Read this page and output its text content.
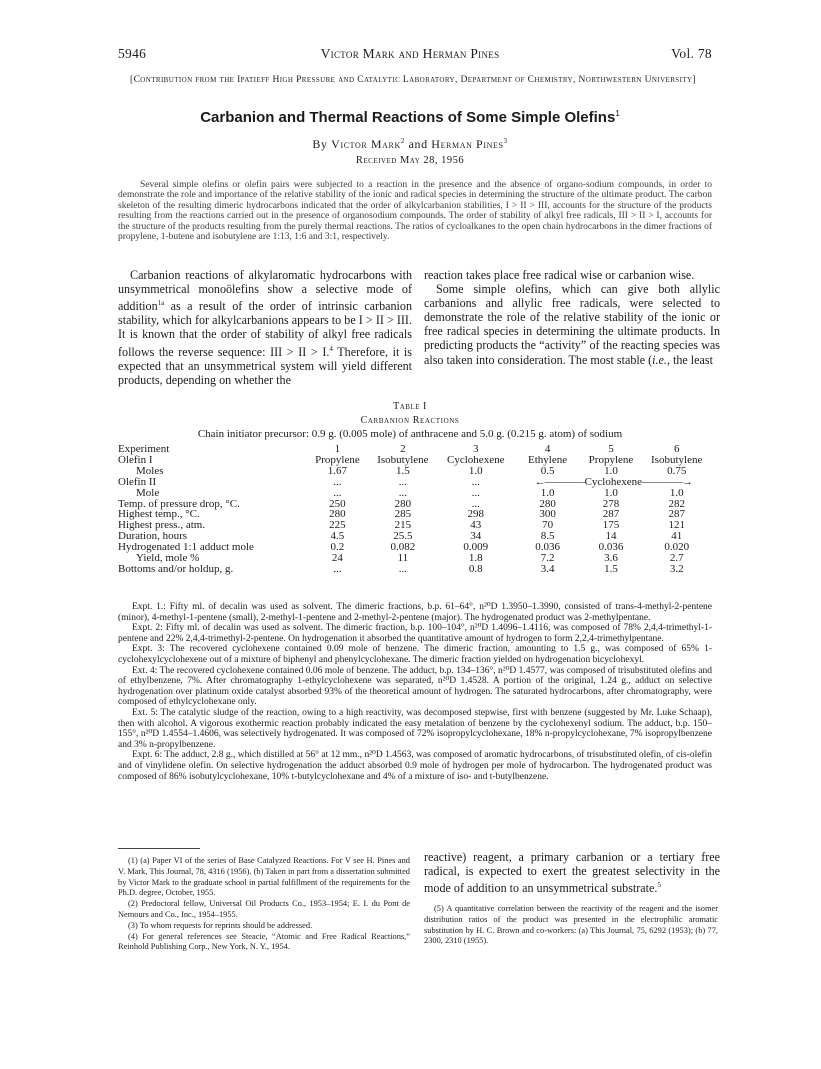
5946	Victor Mark and Herman Pines	Vol. 78
[Contribution from the Ipatieff High Pressure and Catalytic Laboratory, Department of Chemistry, Northwestern University]
Carbanion and Thermal Reactions of Some Simple Olefins$^1$
By Victor Mark$^2$ and Herman Pines$^3$
Received May 28, 1956
Several simple olefins or olefin pairs were subjected to a reaction in the presence and the absence of organo-sodium compounds, in order to demonstrate the role and importance of the relative stability of the ionic and radical species in determining the structure of the ultimate product. The carbon skeleton of the resulting dimeric hydrocarbons indicated that the order of alkylcarbanion stabilities, I > II > III, accounts for the structure of the products resulting from the reactions carried out in the presence of organosodium compounds. The order of stability of alkyl free radicals, III > II > I, accounts for the structure of the products resulting from the purely thermal reactions. The ratios of cycloalkanes to the open chain hydrocarbons in the dimer fractions of propylene, 1-butene and isobutylene are 1:13, 1:6 and 3:1, respectively.
Carbanion reactions of alkylaromatic hydrocarbons with unsymmetrical monoölefins show a selective mode of addition$^{1a}$ as a result of the order of intrinsic carbanion stability, which for alkylcarbanions appears to be I > II > III. It is known that the order of stability of alkyl free radicals follows the reverse sequence: III > II > I.$^4$ Therefore, it is expected that an unsymmetrical system will yield different products, depending on whether the

reaction takes place free radical wise or carbanion wise.

Some simple olefins, which can give both allylic carbanions and allylic free radicals, were selected to demonstrate the role of the relative stability of the ionic or free radical species in determining the ultimate products. In predicting products the “activity” of the reacting species was also taken into consideration. The most stable (i.e., the least

Table I
Carbanion Reactions
Chain initiator precursor: 0.9 g. (0.005 mole) of anthracene and 5.0 g. (0.215 g. atom) of sodium
Experiment	1	2	3	4	5	6
Olefin I	Propylene	Isobutylene	Cyclohexene	Ethylene	Propylene	Isobutylene
Moles	1.67	1.5	1.0	0.5	1.0	0.75
Olefin II	...	...	...	←————Cyclohexene————→		
Mole	...	...	...	1.0	1.0	1.0
Temp. of pressure drop, °C.	250	280	...	280	278	282
Highest temp., °C.	280	285	298	300	287	287
Highest press., atm.	225	215	43	70	175	121
Duration, hours	4.5	25.5	34	8.5	14	41
Hydrogenated 1:1 adduct mole	0.2	0.082	0.009	0.036	0.036	0.020
Yield, mole %	24	11	1.8	7.2	3.6	2.7
Bottoms and/or holdup, g.	...	...	0.8	3.4	1.5	3.2

Expt. 1.: Fifty ml. of decalin was used as solvent. The dimeric fractions, b.p. 61–64°, n²⁰D 1.3950–1.3990, consisted of trans-4-methyl-2-pentene (minor), 4-methyl-1-pentene (small), 2-methyl-1-pentene and 2-methyl-2-pentene (major). The hydrogenated product was 2-methylpentane.

Expt. 2: Fifty ml. of decalin was used as solvent. The dimeric fraction, b.p. 100–104°, n²⁰D 1.4096–1.4116, was composed of 78% 2,4,4-trimethyl-1-pentene and 22% 2,4,4-trimethyl-2-pentene. On hydrogenation it absorbed the quantitative amount of hydrogen to form 2,2,4-trimethylpentane.

Expt. 3: The recovered cyclohexene contained 0.09 mole of benzene. The dimeric fraction, amounting to 1.5 g., was composed of 65% 1-cyclohexylcyclohexene out of a mixture of biphenyl and phenylcyclohexane. The dimeric fraction yielded on hydrogenation bicyclohexyl.

Ext. 4: The recovered cyclohexene contained 0.06 mole of benzene. The adduct, b.p. 134–136°, n²⁰D 1.4577, was composed of trisubstituted olefins and of ethylbenzene, 7%. After chromatography 1-ethylcyclohexene was separated, n²⁰D 1.4528. A portion of the original, 1.24 g., adduct on selective hydrogenation over platinum oxide catalyst absorbed 93% of the theoretical amount of hydrogen. The saturated hydrocarbons, after chromatography, were composed of ethylcyclohexane only.

Ext. 5: The catalytic sludge of the reaction, owing to a high reactivity, was decomposed stepwise, first with benzene (suggested by Mr. Luke Schaap), then with alcohol. A vigorous exothermic reaction probably indicated the easy metalation of benzene by the cyclohexenyl sodium. The adduct, b.p. 150–155°, n²⁰D 1.4554–1.4606, was selectively hydrogenated. It was composed of 72% isopropylcyclohexane, 18% n-propylcyclohexane, 7% isopropylbenzene and 3% n-propylbenzene.

Expt. 6: The adduct, 2.8 g., which distilled at 56° at 12 mm., n²⁰D 1.4563, was composed of aromatic hydrocarbons, of trisubstituted olefin, of cis-olefin and of vinylidene olefin. On selective hydrogenation the adduct absorbed 0.9 mole of hydrogen per mole of hydrocarbon. The hydrogenated product was composed of 86% isobutylcyclohexane, 10% t-butylcyclohexane and 4% of a mixture of iso- and t-butylbenzene.

(1) (a) Paper VI of the series of Base Catalyzed Reactions. For V see H. Pines and V. Mark, This Journal, 78, 4316 (1956). (b) Taken in part from a dissertation submitted by Victor Mark to the graduate school in partial fulfillment of the requirements for the Ph.D. degree, October, 1955.

(2) Predoctoral fellow, Universal Oil Products Co., 1953–1954; E. I. du Pont de Nemours and Co., Inc., 1954–1955.

(3) To whom requests for reprints should be addressed.

(4) For general references see Steacie, “Atomic and Free Radical Reactions,” Reinhold Publishing Corp., New York, N. Y., 1954.

reactive) reagent, a primary carbanion or a tertiary free radical, is expected to exert the greatest selectivity in the mode of addition to an unsymmetrical substrate.$^5$
(5) A quantitative correlation between the reactivity of the reagent and the isomer distribution ratios of the product was presented in the electrophilic aromatic substitution by H. C. Brown and co-workers: (a) This Journal, 75, 6292 (1953); (b) 77, 2300, 2310 (1955).
